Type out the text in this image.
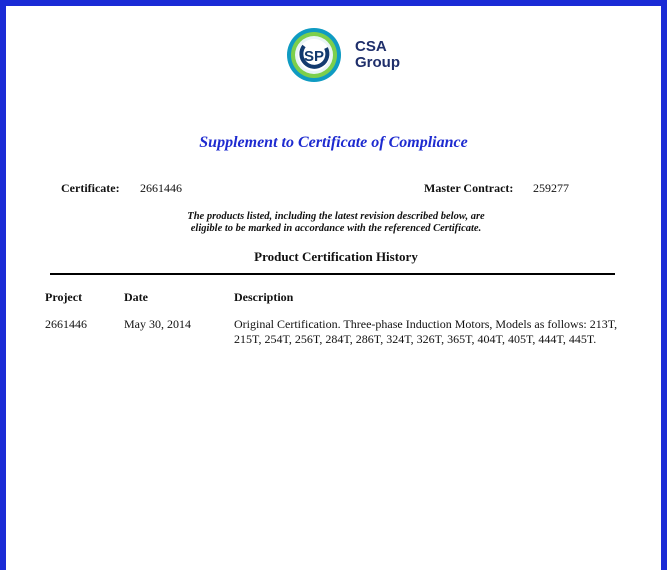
SP
CSA
Group
Supplement to Certificate of Compliance
Certificate: 2661446	Master Contract: 259277
The products listed, including the latest revision described below, are
eligible to be marked in accordance with the referenced Certificate.
Product Certification History
Project	Date	Description
2661446	May 30, 2014	Original Certification. Three-phase Induction Motors, Models as follows: 213T, 215T, 254T, 256T, 284T, 286T, 324T, 326T, 365T, 404T, 405T, 444T, 445T.
